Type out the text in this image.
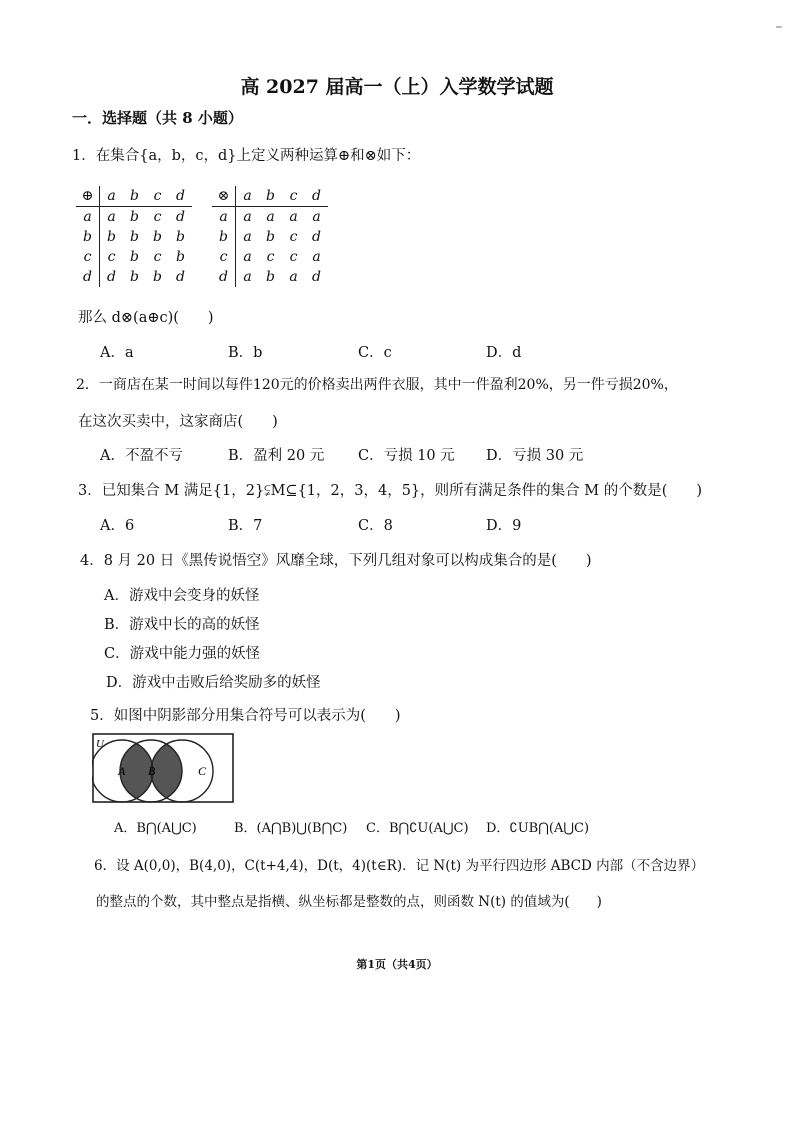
高 2027 届高一（上）入学数学试题
一．选择题（共 8 小题）
1．在集合{a，b，c，d}上定义两种运算⊕和⊗如下：
⊕	a	b	c	d
a	a	b	c	d
b	b	b	b	b
c	c	b	c	b
d	d	b	b	d
⊗	a	b	c	d
a	a	a	a	a
b	a	b	c	d
c	a	c	c	a
d	a	b	a	d
那么 d⊗(a⊕c)(　　)
A．a	B．b	C．c	D．d
2．一商店在某一时间以每件120元的价格卖出两件衣服，其中一件盈利20%，另一件亏损20%，
在这次买卖中，这家商店(　　)
A．不盈不亏	B．盈利 20 元 C．亏损 10 元 D．亏损 30 元
3．已知集合 M 满足{1，2}⫋M⊆{1，2，3，4，5}，则所有满足条件的集合 M 的个数是(　　)
A．6	B．7	C．8	D．9
4．8 月 20 日《黑传说悟空》风靡全球，下列几组对象可以构成集合的是(　　)
A．游戏中会变身的妖怪
B．游戏中长的高的妖怪
C．游戏中能力强的妖怪
D．游戏中击败后给奖励多的妖怪
5．如图中阴影部分用集合符号可以表示为(　　)
U
A B	C
A．B⋂(A⋃C)	B．(A⋂B)⋃(B⋂C) C．B⋂∁U(A⋃C) D．∁UB⋂(A⋃C)
6．设 A(0,0)，B(4,0)，C(t+4,4)，D(t，4)(t∈R)．记 N(t) 为平行四边形 ABCD 内部（不含边界）
的整点的个数，其中整点是指横、纵坐标都是整数的点，则函数 N(t) 的值域为(　　)
第1页（共4页）
